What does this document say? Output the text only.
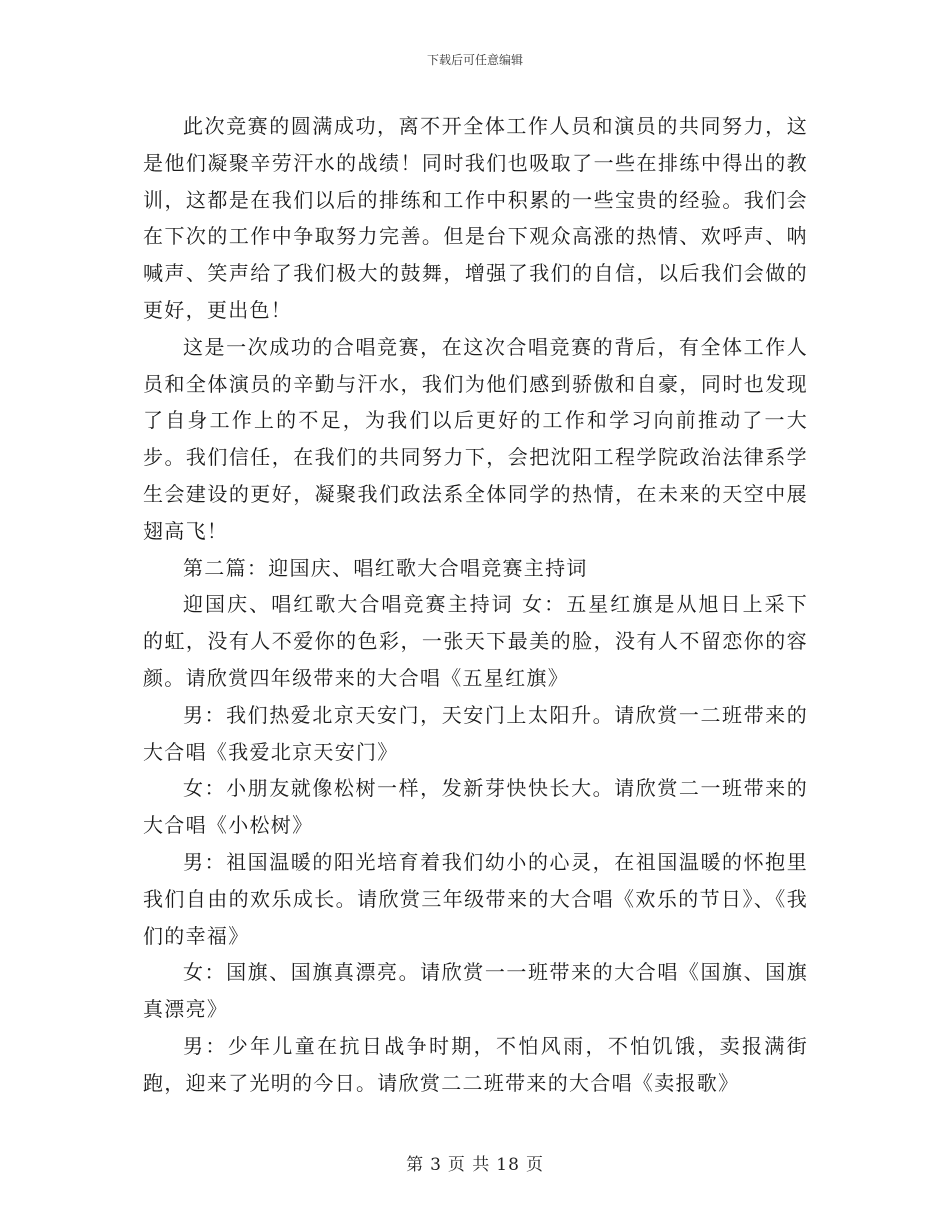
下载后可任意编辑

此次竞赛的圆满成功，离不开全体工作人员和演员的共同努力，这是他们凝聚辛劳汗水的战绩！同时我们也吸取了一些在排练中得出的教训，这都是在我们以后的排练和工作中积累的一些宝贵的经验。我们会在下次的工作中争取努力完善。但是台下观众高涨的热情、欢呼声、呐喊声、笑声给了我们极大的鼓舞，增强了我们的自信，以后我们会做的更好，更出色！

这是一次成功的合唱竞赛，在这次合唱竞赛的背后，有全体工作人员和全体演员的辛勤与汗水，我们为他们感到骄傲和自豪，同时也发现了自身工作上的不足，为我们以后更好的工作和学习向前推动了一大步。我们信任，在我们的共同努力下，会把沈阳工程学院政治法律系学生会建设的更好，凝聚我们政法系全体同学的热情，在未来的天空中展翅高飞！

第二篇：迎国庆、唱红歌大合唱竞赛主持词

迎国庆、唱红歌大合唱竞赛主持词 女：五星红旗是从旭日上采下的虹，没有人不爱你的色彩，一张天下最美的脸，没有人不留恋你的容颜。请欣赏四年级带来的大合唱《五星红旗》

男：我们热爱北京天安门，天安门上太阳升。请欣赏一二班带来的大合唱《我爱北京天安门》

女：小朋友就像松树一样，发新芽快快长大。请欣赏二一班带来的大合唱《小松树》

男：祖国温暖的阳光培育着我们幼小的心灵，在祖国温暖的怀抱里我们自由的欢乐成长。请欣赏三年级带来的大合唱《欢乐的节日》、《我们的幸福》

女：国旗、国旗真漂亮。请欣赏一一班带来的大合唱《国旗、国旗真漂亮》

男：少年儿童在抗日战争时期，不怕风雨，不怕饥饿，卖报满街跑，迎来了光明的今日。请欣赏二二班带来的大合唱《卖报歌》

第 3 页 共 18 页
